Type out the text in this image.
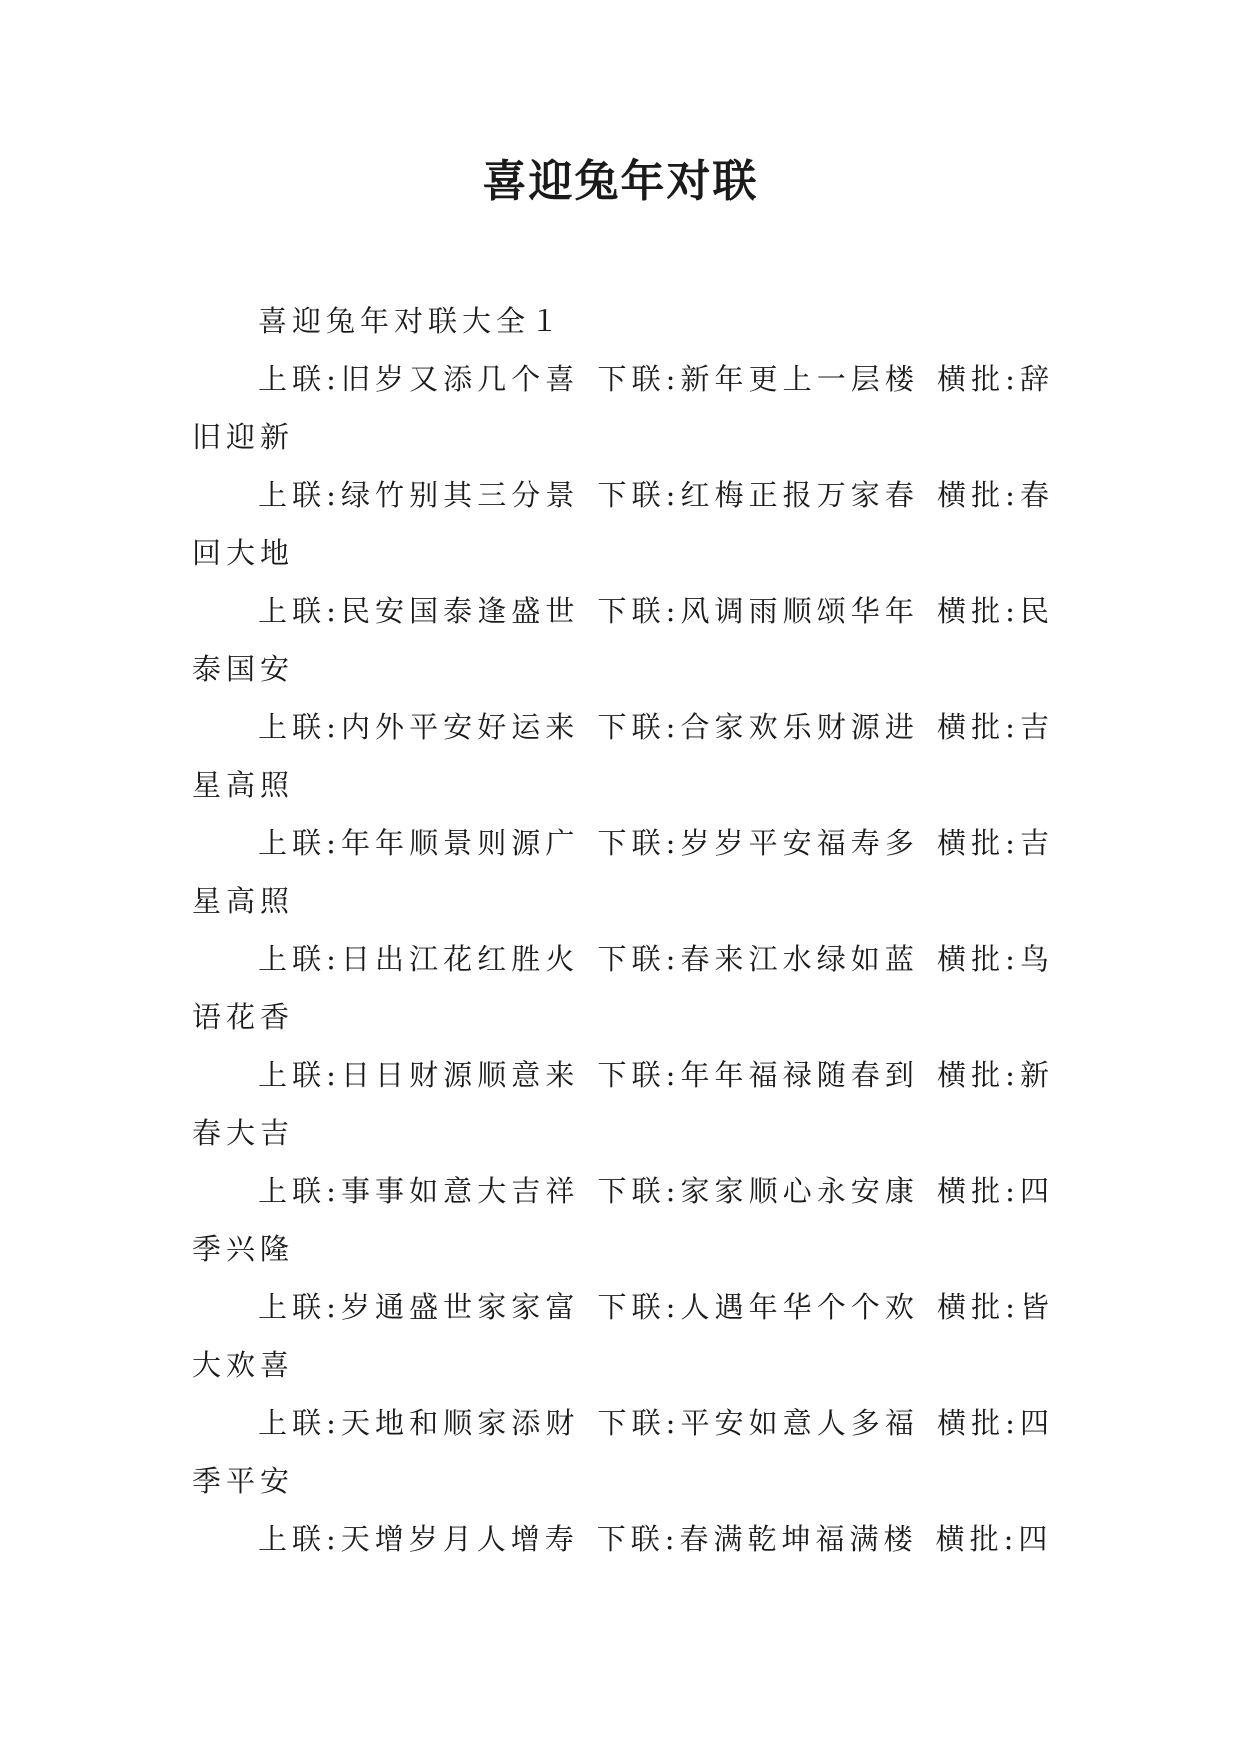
喜迎兔年对联

喜迎兔年对联大全１

上联:旧岁又添几个喜 下联:新年更上一层楼 横批:辞旧迎新

上联:绿竹别其三分景 下联:红梅正报万家春 横批:春回大地

上联:民安国泰逢盛世 下联:风调雨顺颂华年 横批:民泰国安

上联:内外平安好运来 下联:合家欢乐财源进 横批:吉星高照

上联:年年顺景则源广 下联:岁岁平安福寿多 横批:吉星高照

上联:日出江花红胜火 下联:春来江水绿如蓝 横批:鸟语花香

上联:日日财源顺意来 下联:年年福禄随春到 横批:新春大吉

上联:事事如意大吉祥 下联:家家顺心永安康 横批:四季兴隆

上联:岁通盛世家家富 下联:人遇年华个个欢 横批:皆大欢喜

上联:天地和顺家添财 下联:平安如意人多福 横批:四季平安

上联:天增岁月人增寿 下联:春满乾坤福满楼 横批:四
